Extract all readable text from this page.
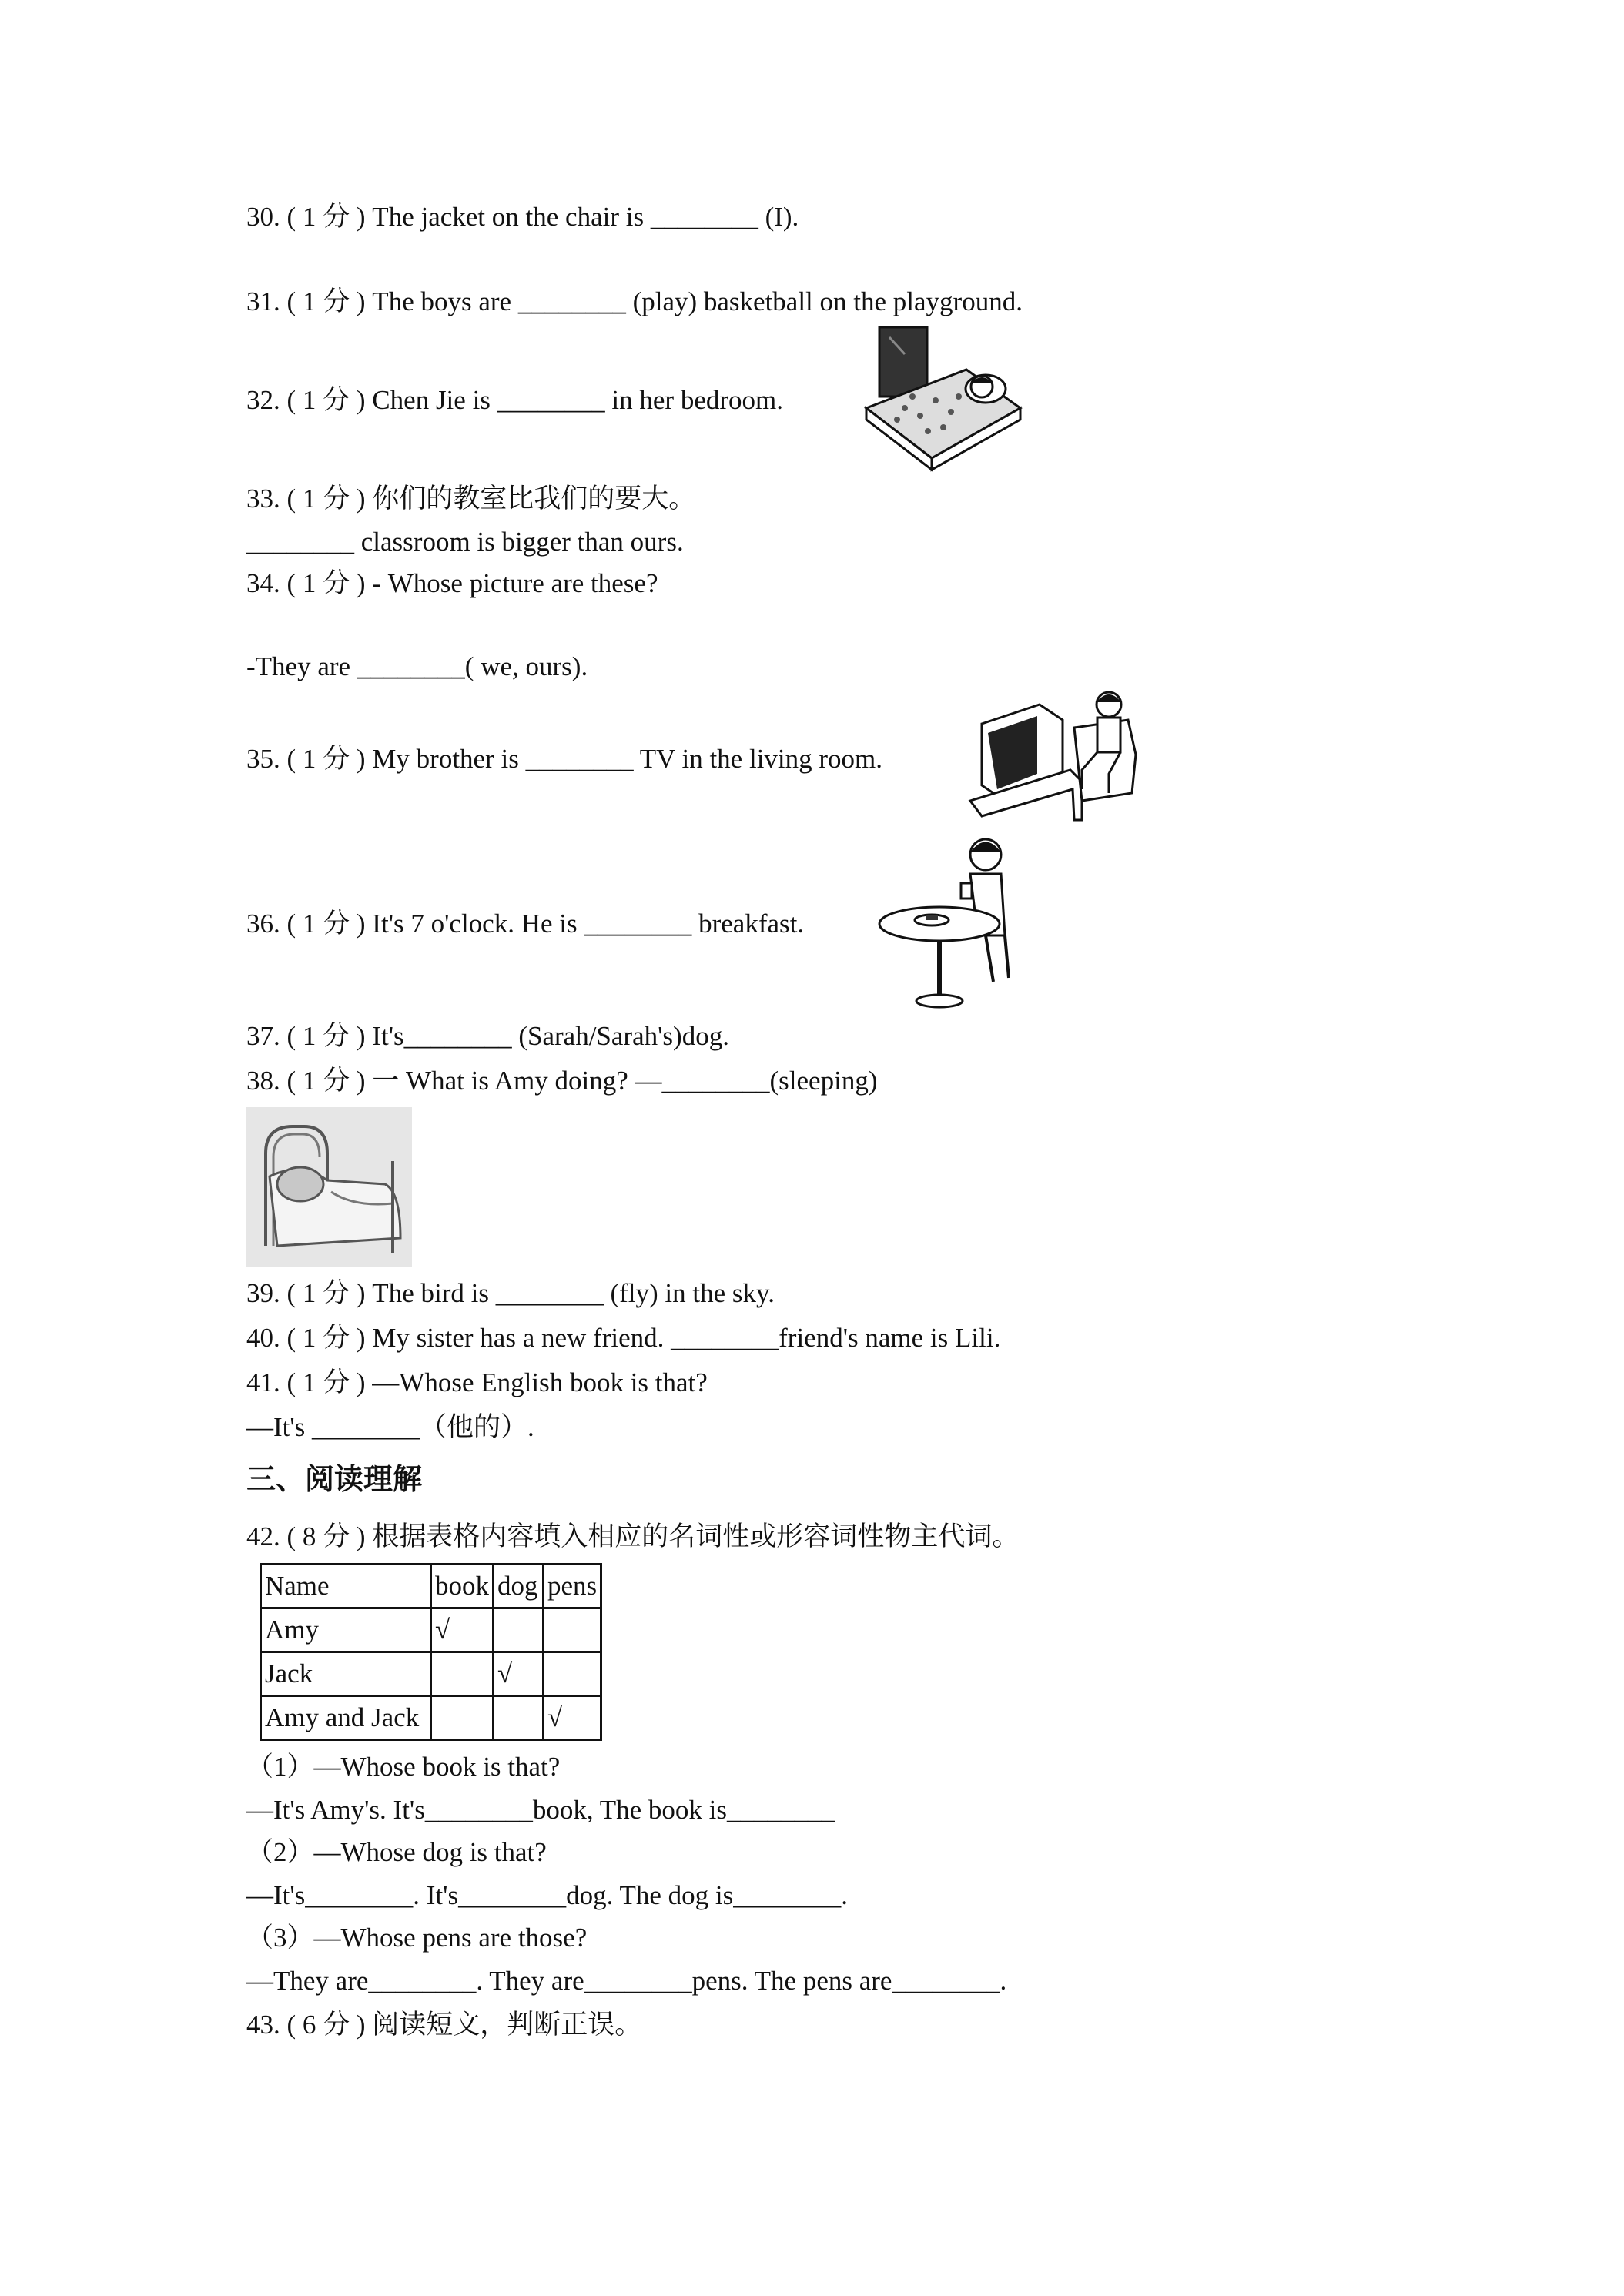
30. ( 1 分 ) The jacket on the chair is ________ (I).
31. ( 1 分 ) The boys are ________ (play) basketball on the playground.
32. ( 1 分 ) Chen Jie is ________ in her bedroom.
33. ( 1 分 ) 你们的教室比我们的要大。
________ classroom is bigger than ours.
34. ( 1 分 ) - Whose picture are these?
-They are ________( we, ours).
35. ( 1 分 ) My brother is ________ TV in the living room.
36. ( 1 分 ) It's 7 o'clock. He is ________ breakfast.
37. ( 1 分 ) It's________ (Sarah/Sarah's)dog.
38. ( 1 分 ) 一 What is Amy doing? —________(sleeping)
39. ( 1 分 ) The bird is ________ (fly) in the sky.
40. ( 1 分 ) My sister has a new friend. ________friend's name is Lili.
41. ( 1 分 ) —Whose English book is that?
—It's ________（他的）.
三、阅读理解
42. ( 8 分 ) 根据表格内容填入相应的名词性或形容词性物主代词。
Name	book	dog	pens
Amy	√		
Jack		√	
Amy and Jack			√
（1）—Whose book is that?
—It's Amy's. It's________book, The book is________
（2）—Whose dog is that?
—It's________. It's________dog. The dog is________.
（3）—Whose pens are those?
—They are________. They are________pens. The pens are________.
43. ( 6 分 ) 阅读短文，判断正误。
